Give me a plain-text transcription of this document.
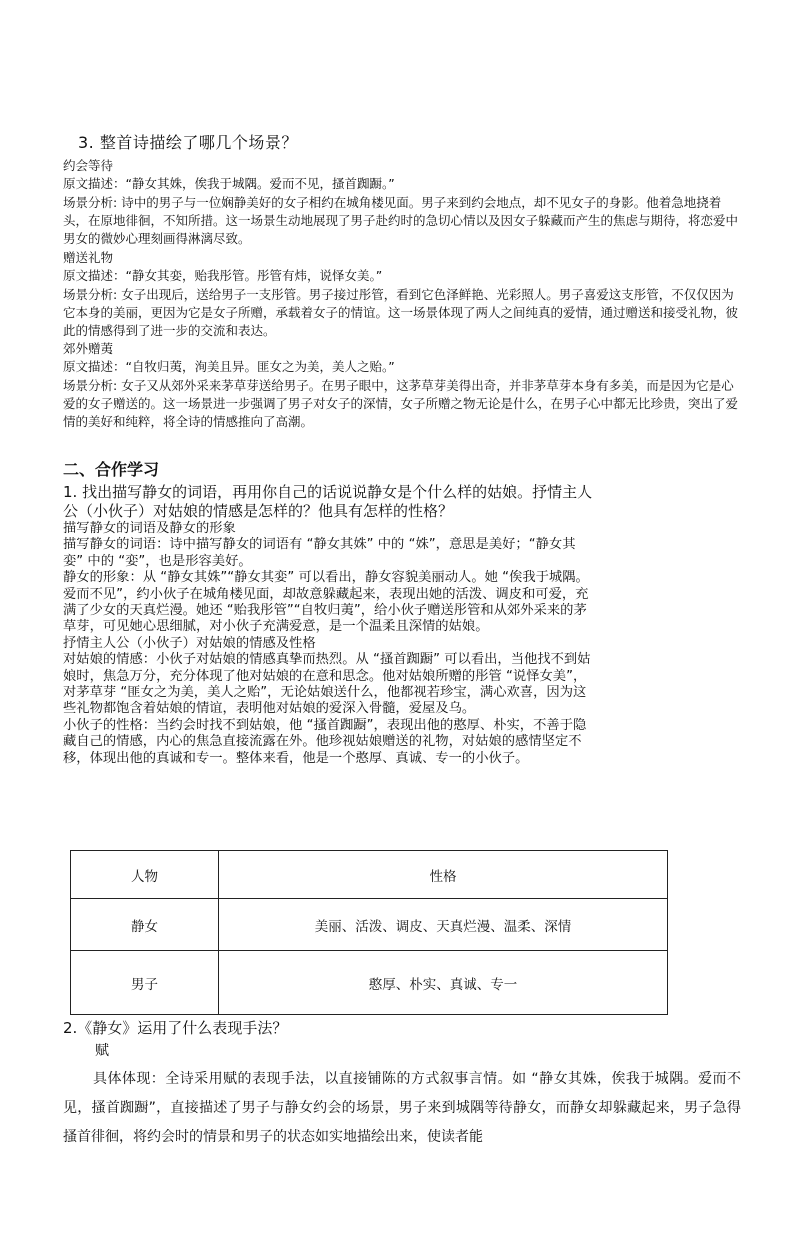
3. 整首诗描绘了哪几个场景？

约会等待

原文描述：“静女其姝，俟我于城隅。爱而不见，搔首踟蹰。”

场景分析: 诗中的男子与一位娴静美好的女子相约在城角楼见面。男子来到约会地点，却不见女子的身影。他着急地挠着头，在原地徘徊，不知所措。这一场景生动地展现了男子赴约时的急切心情以及因女子躲藏而产生的焦虑与期待，将恋爱中男女的微妙心理刻画得淋漓尽致。

赠送礼物

原文描述：“静女其娈，贻我彤管。彤管有炜，说怿女美。”

场景分析: 女子出现后，送给男子一支彤管。男子接过彤管，看到它色泽鲜艳、光彩照人。男子喜爱这支彤管，不仅仅因为它本身的美丽，更因为它是女子所赠，承载着女子的情谊。这一场景体现了两人之间纯真的爱情，通过赠送和接受礼物，彼此的情感得到了进一步的交流和表达。

郊外赠荑

原文描述：“自牧归荑，洵美且异。匪女之为美，美人之贻。”

场景分析: 女子又从郊外采来茅草芽送给男子。在男子眼中，这茅草芽美得出奇，并非茅草芽本身有多美，而是因为它是心爱的女子赠送的。这一场景进一步强调了男子对女子的深情，女子所赠之物无论是什么，在男子心中都无比珍贵，突出了爱情的美好和纯粹，将全诗的情感推向了高潮。

二、合作学习

1. 找出描写静女的词语，再用你自己的话说说静女是个什么样的姑娘。抒情主人公（小伙子）对姑娘的情感是怎样的？他具有怎样的性格？

描写静女的词语及静女的形象

描写静女的词语：诗中描写静女的词语有 “静女其姝” 中的 “姝”，意思是美好；“静女其娈” 中的 “娈”，也是形容美好。

静女的形象：从 “静女其姝”“静女其娈” 可以看出，静女容貌美丽动人。她 “俟我于城隅。爱而不见”，约小伙子在城角楼见面，却故意躲藏起来，表现出她的活泼、调皮和可爱，充满了少女的天真烂漫。她还 “贻我彤管”“自牧归荑”，给小伙子赠送彤管和从郊外采来的茅草芽，可见她心思细腻，对小伙子充满爱意，是一个温柔且深情的姑娘。

抒情主人公（小伙子）对姑娘的情感及性格

对姑娘的情感：小伙子对姑娘的情感真挚而热烈。从 “搔首踟蹰” 可以看出，当他找不到姑娘时，焦急万分，充分体现了他对姑娘的在意和思念。他对姑娘所赠的彤管 “说怿女美”，对茅草芽 “匪女之为美，美人之贻”，无论姑娘送什么，他都视若珍宝，满心欢喜，因为这些礼物都饱含着姑娘的情谊，表明他对姑娘的爱深入骨髓，爱屋及乌。

小伙子的性格：当约会时找不到姑娘，他 “搔首踟蹰”，表现出他的憨厚、朴实，不善于隐藏自己的情感，内心的焦急直接流露在外。他珍视姑娘赠送的礼物，对姑娘的感情坚定不移，体现出他的真诚和专一。整体来看，他是一个憨厚、真诚、专一的小伙子。

人物	性格
静女	美丽、活泼、调皮、天真烂漫、温柔、深情
男子	憨厚、朴实、真诚、专一
2.《静女》运用了什么表现手法？
赋

具体体现：全诗采用赋的表现手法，以直接铺陈的方式叙事言情。如 “静女其姝，俟我于城隅。爱而不见，搔首踟蹰”，直接描述了男子与静女约会的场景，男子来到城隅等待静女，而静女却躲藏起来，男子急得搔首徘徊，将约会时的情景和男子的状态如实地描绘出来，使读者能
